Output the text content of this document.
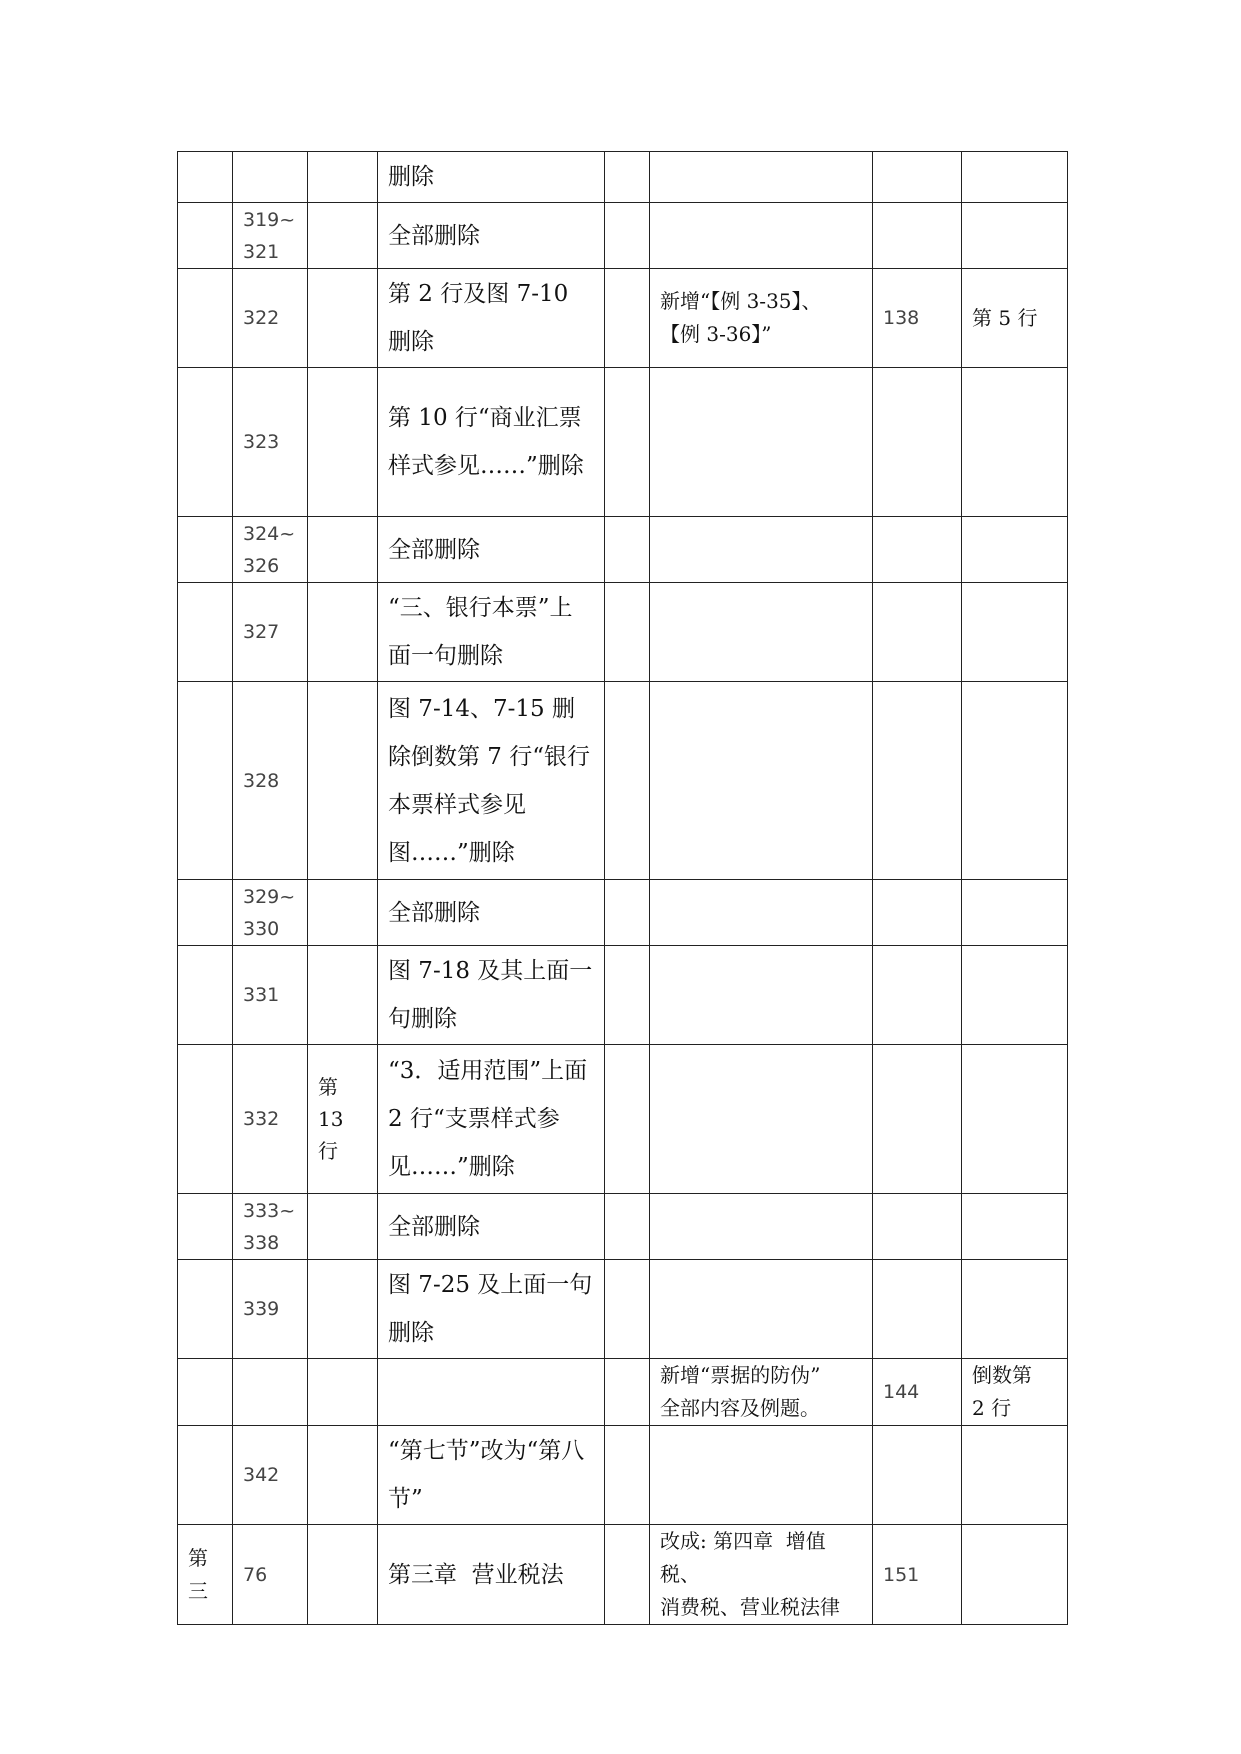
			删除				

	319~
321		全部删除				

	322		第 2 行及图 7-10 删除		新增“【例 3-35】、
【例 3-36】”	138	第 5 行

	323		第 10 行“商业汇票样式参见……”删除				

	324~
326		全部删除				

	327		“三、银行本票”上面一句删除				

	328		图 7-14、7-15 删除倒数第 7 行“银行本票样式参见图……”删除				

	329~
330		全部删除				

	331		图 7-18 及其上面一句删除				

	332	第 13
行	“3．适用范围”上面 2 行“支票样式参见……”删除				

	333~
338		全部删除				

	339		图 7-25 及上面一句删除				

					新增“票据的防伪”
全部内容及例题。	144	倒数第
2 行

	342		“第七节”改为“第八节”				

第
三	76		第三章  营业税法		改成: 第四章  增值税、
消费税、营业税法律	151	
